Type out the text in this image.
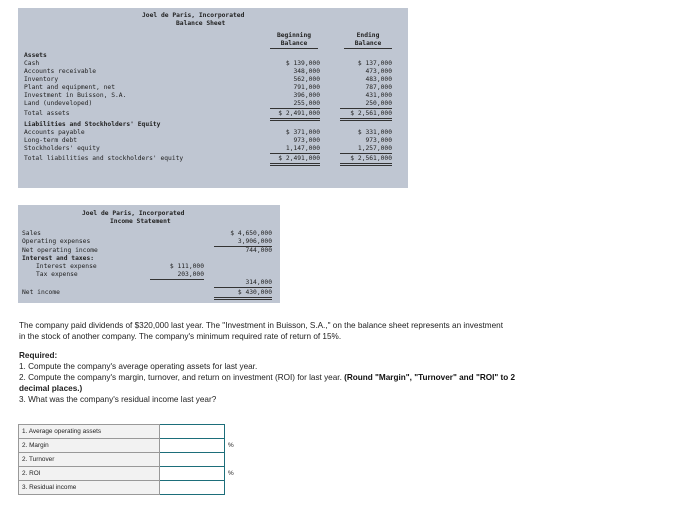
Joel de Paris, Incorporated
Balance Sheet
Beginning
Balance
Ending
Balance
Assets
Cash	$ 139,000	$ 137,000
Accounts receivable	348,000	473,000
Inventory	562,000	483,000
Plant and equipment, net	791,000	787,000
Investment in Buisson, S.A.	396,000	431,000
Land (undeveloped)	255,000	250,000
Total assets	$ 2,491,000	$ 2,561,000
Liabilities and Stockholders' Equity
Accounts payable	$ 371,000	$ 331,000
Long-term debt	973,000	973,000
Stockholders' equity	1,147,000	1,257,000
Total liabilities and stockholders' equity	$ 2,491,000	$ 2,561,000
Joel de Paris, Incorporated
Income Statement
Sales	$ 4,650,000
Operating expenses	3,906,000
Net operating income	744,000
Interest and taxes:
Interest expense	$ 111,000
Tax expense	203,000
314,000
Net income	$ 430,000
The company paid dividends of $320,000 last year. The "Investment in Buisson, S.A.," on the balance sheet represents an investment
in the stock of another company. The company's minimum required rate of return of 15%.
Required:
1. Compute the company's average operating assets for last year.
2. Compute the company's margin, turnover, and return on investment (ROI) for last year. (Round "Margin", "Turnover" and "ROI" to 2
decimal places.)
3. What was the company's residual income last year?
1. Average operating assets		
2. Margin		%
2. Turnover		
2. ROI		%
3. Residual income		
